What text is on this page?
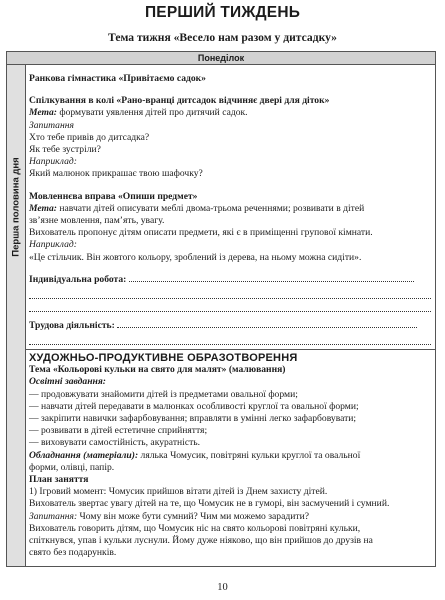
ПЕРШИЙ ТИЖДЕНЬ
Тема тижня «Весело нам разом у дитсадку»
Понеділок
Перша половина дня

Ранкова гімнастика «Привітаємо садок»

Спілкування в колі «Рано-вранці дитсадок відчиняє двері для діток»

Мета: формувати уявлення дітей про дитячий садок.

Запитання

Хто тебе привів до дитсадка?

Як тебе зустріли?

Наприклад:

Який малюнок прикрашає твою шафочку?

Мовленнєва вправа «Опиши предмет»

Мета: навчати дітей описувати меблі двома-трьома реченнями; розвивати в дітей

зв’язне мовлення, пам’ять, увагу.

Вихователь пропонує дітям описати предмети, які є в приміщенні групової кімнати.

Наприклад:

«Це стільчик. Він жовтого кольору, зроблений із дерева, на ньому можна сидіти».

Індивідуальна робота:

Трудова діяльність:

ХУДОЖНЬО-ПРОДУКТИВНЕ ОБРАЗОТВОРЕННЯ

Тема «Кольорові кульки на свято для малят» (малювання)

Освітні завдання:

— продовжувати знайомити дітей із предметами овальної форми;

— навчати дітей передавати в малюнках особливості круглої та овальної форми;

— закріпити навички зафарбовування; вправляти в умінні легко зафарбовувати;

— розвивати в дітей естетичне сприйняття;

— виховувати самостійність, акуратність.

Обладнання (матеріали): лялька Чомусик, повітряні кульки круглої та овальної

форми, олівці, папір.

План заняття

1) Ігровий момент: Чомусик прийшов вітати дітей із Днем захисту дітей.

Вихователь звертає увагу дітей на те, що Чомусик не в гуморі, він засмучений і сумний.

Запитання: Чому він може бути сумний? Чим ми можемо зарадити?

Вихователь говорить дітям, що Чомусик ніс на свято кольорові повітряні кульки,

спіткнувся, упав і кульки луснули. Йому дуже ніяково, що він прийшов до друзів на

свято без подарунків.

10
